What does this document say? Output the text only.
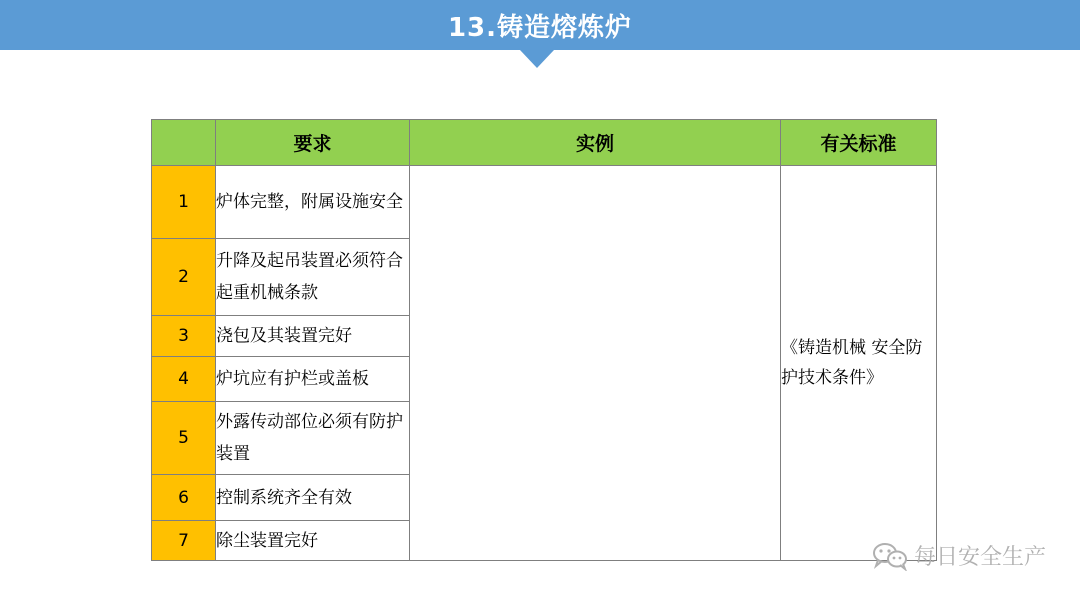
13.铸造熔炼炉
	要求	实例	有关标准
1	炉体完整，附属设施安全		《铸造机械 安全防护技术条件》
2	升降及起吊装置必须符合起重机械条款		
3	浇包及其装置完好		
4	炉坑应有护栏或盖板		
5	外露传动部位必须有防护装置		
6	控制系统齐全有效		
7	除尘装置完好		
每日安全生产
